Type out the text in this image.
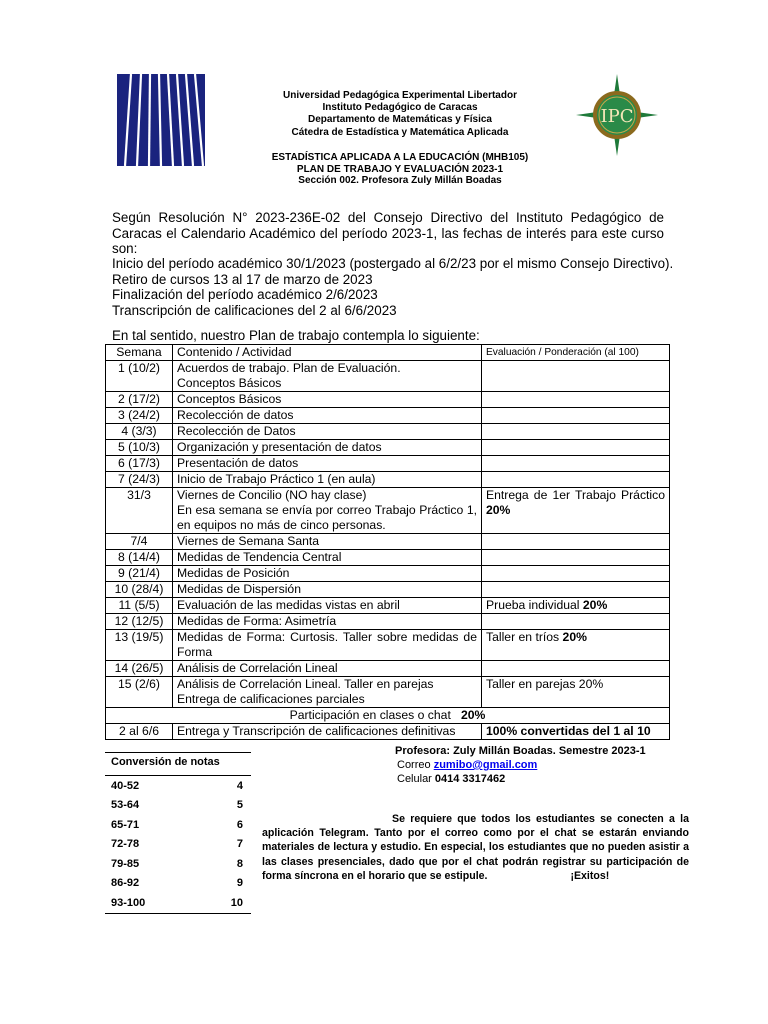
IPC
Universidad Pedagógica Experimental Libertador
Instituto Pedagógico de Caracas
Departamento de Matemáticas y Física
Cátedra de Estadística y Matemática Aplicada
ESTADÍSTICA APLICADA A LA EDUCACIÓN (MHB105)
PLAN DE TRABAJO Y EVALUACIÓN 2023-1
Sección 002. Profesora Zuly Millán Boadas
Según Resolución N° 2023-236E-02 del Consejo Directivo del Instituto Pedagógico de Caracas el Calendario Académico del período 2023-1, las fechas de interés para este curso son:
Inicio del período académico 30/1/2023 (postergado al 6/2/23 por el mismo Consejo Directivo).
Retiro de cursos 13 al 17 de marzo de 2023
Finalización del período académico 2/6/2023
Transcripción de calificaciones del 2 al 6/6/2023
En tal sentido, nuestro Plan de trabajo contempla lo siguiente:
Semana	Contenido / Actividad	Evaluación / Ponderación (al 100)
1 (10/2)	Acuerdos de trabajo. Plan de Evaluación.
Conceptos Básicos	

2 (17/2)	Conceptos Básicos	

3 (24/2)	Recolección de datos	

4 (3/3)	Recolección de Datos	

5 (10/3)	Organización y presentación de datos	

6 (17/3)	Presentación de datos	

7 (24/3)	Inicio de Trabajo Práctico 1 (en aula)	

31/3	Viernes de Concilio (NO hay clase)
En esa semana se envía por correo Trabajo Práctico 1, en equipos no más de cinco personas.	Entrega de 1er Trabajo Práctico 20%
7/4	Viernes de Semana Santa	

8 (14/4)	Medidas de Tendencia Central	

9 (21/4)	Medidas de Posición	

10 (28/4)	Medidas de Dispersión	

11 (5/5)	Evaluación de las medidas vistas en abril	Prueba individual 20%
12 (12/5)	Medidas de Forma: Asimetría	

13 (19/5)	Medidas de Forma: Curtosis. Taller sobre medidas de Forma	Taller en tríos 20%
14 (26/5)	Análisis de Correlación Lineal	

15 (2/6)	Análisis de Correlación Lineal. Taller en parejas
Entrega de calificaciones parciales	Taller en parejas 20%
Participación en clases o chat   20%		
2 al 6/6	Entrega y Transcripción de calificaciones definitivas	100% convertidas del 1 al 10
Conversión de notas
40-52	4
53-64	5
65-71	6
72-78	7
79-85	8
86-92	9
93-100	10
Profesora: Zuly Millán Boadas. Semestre 2023-1
Correo zumibo@gmail.com
Celular 0414 3317462
Se requiere que todos los estudiantes se conecten a la aplicación Telegram. Tanto por el correo como por el chat se estarán enviando materiales de lectura y estudio. En especial, los estudiantes que no pueden asistir a las clases presenciales, dado que por el chat podrán registrar su participación de forma síncrona en el horario que se estipule.	¡Exitos!
